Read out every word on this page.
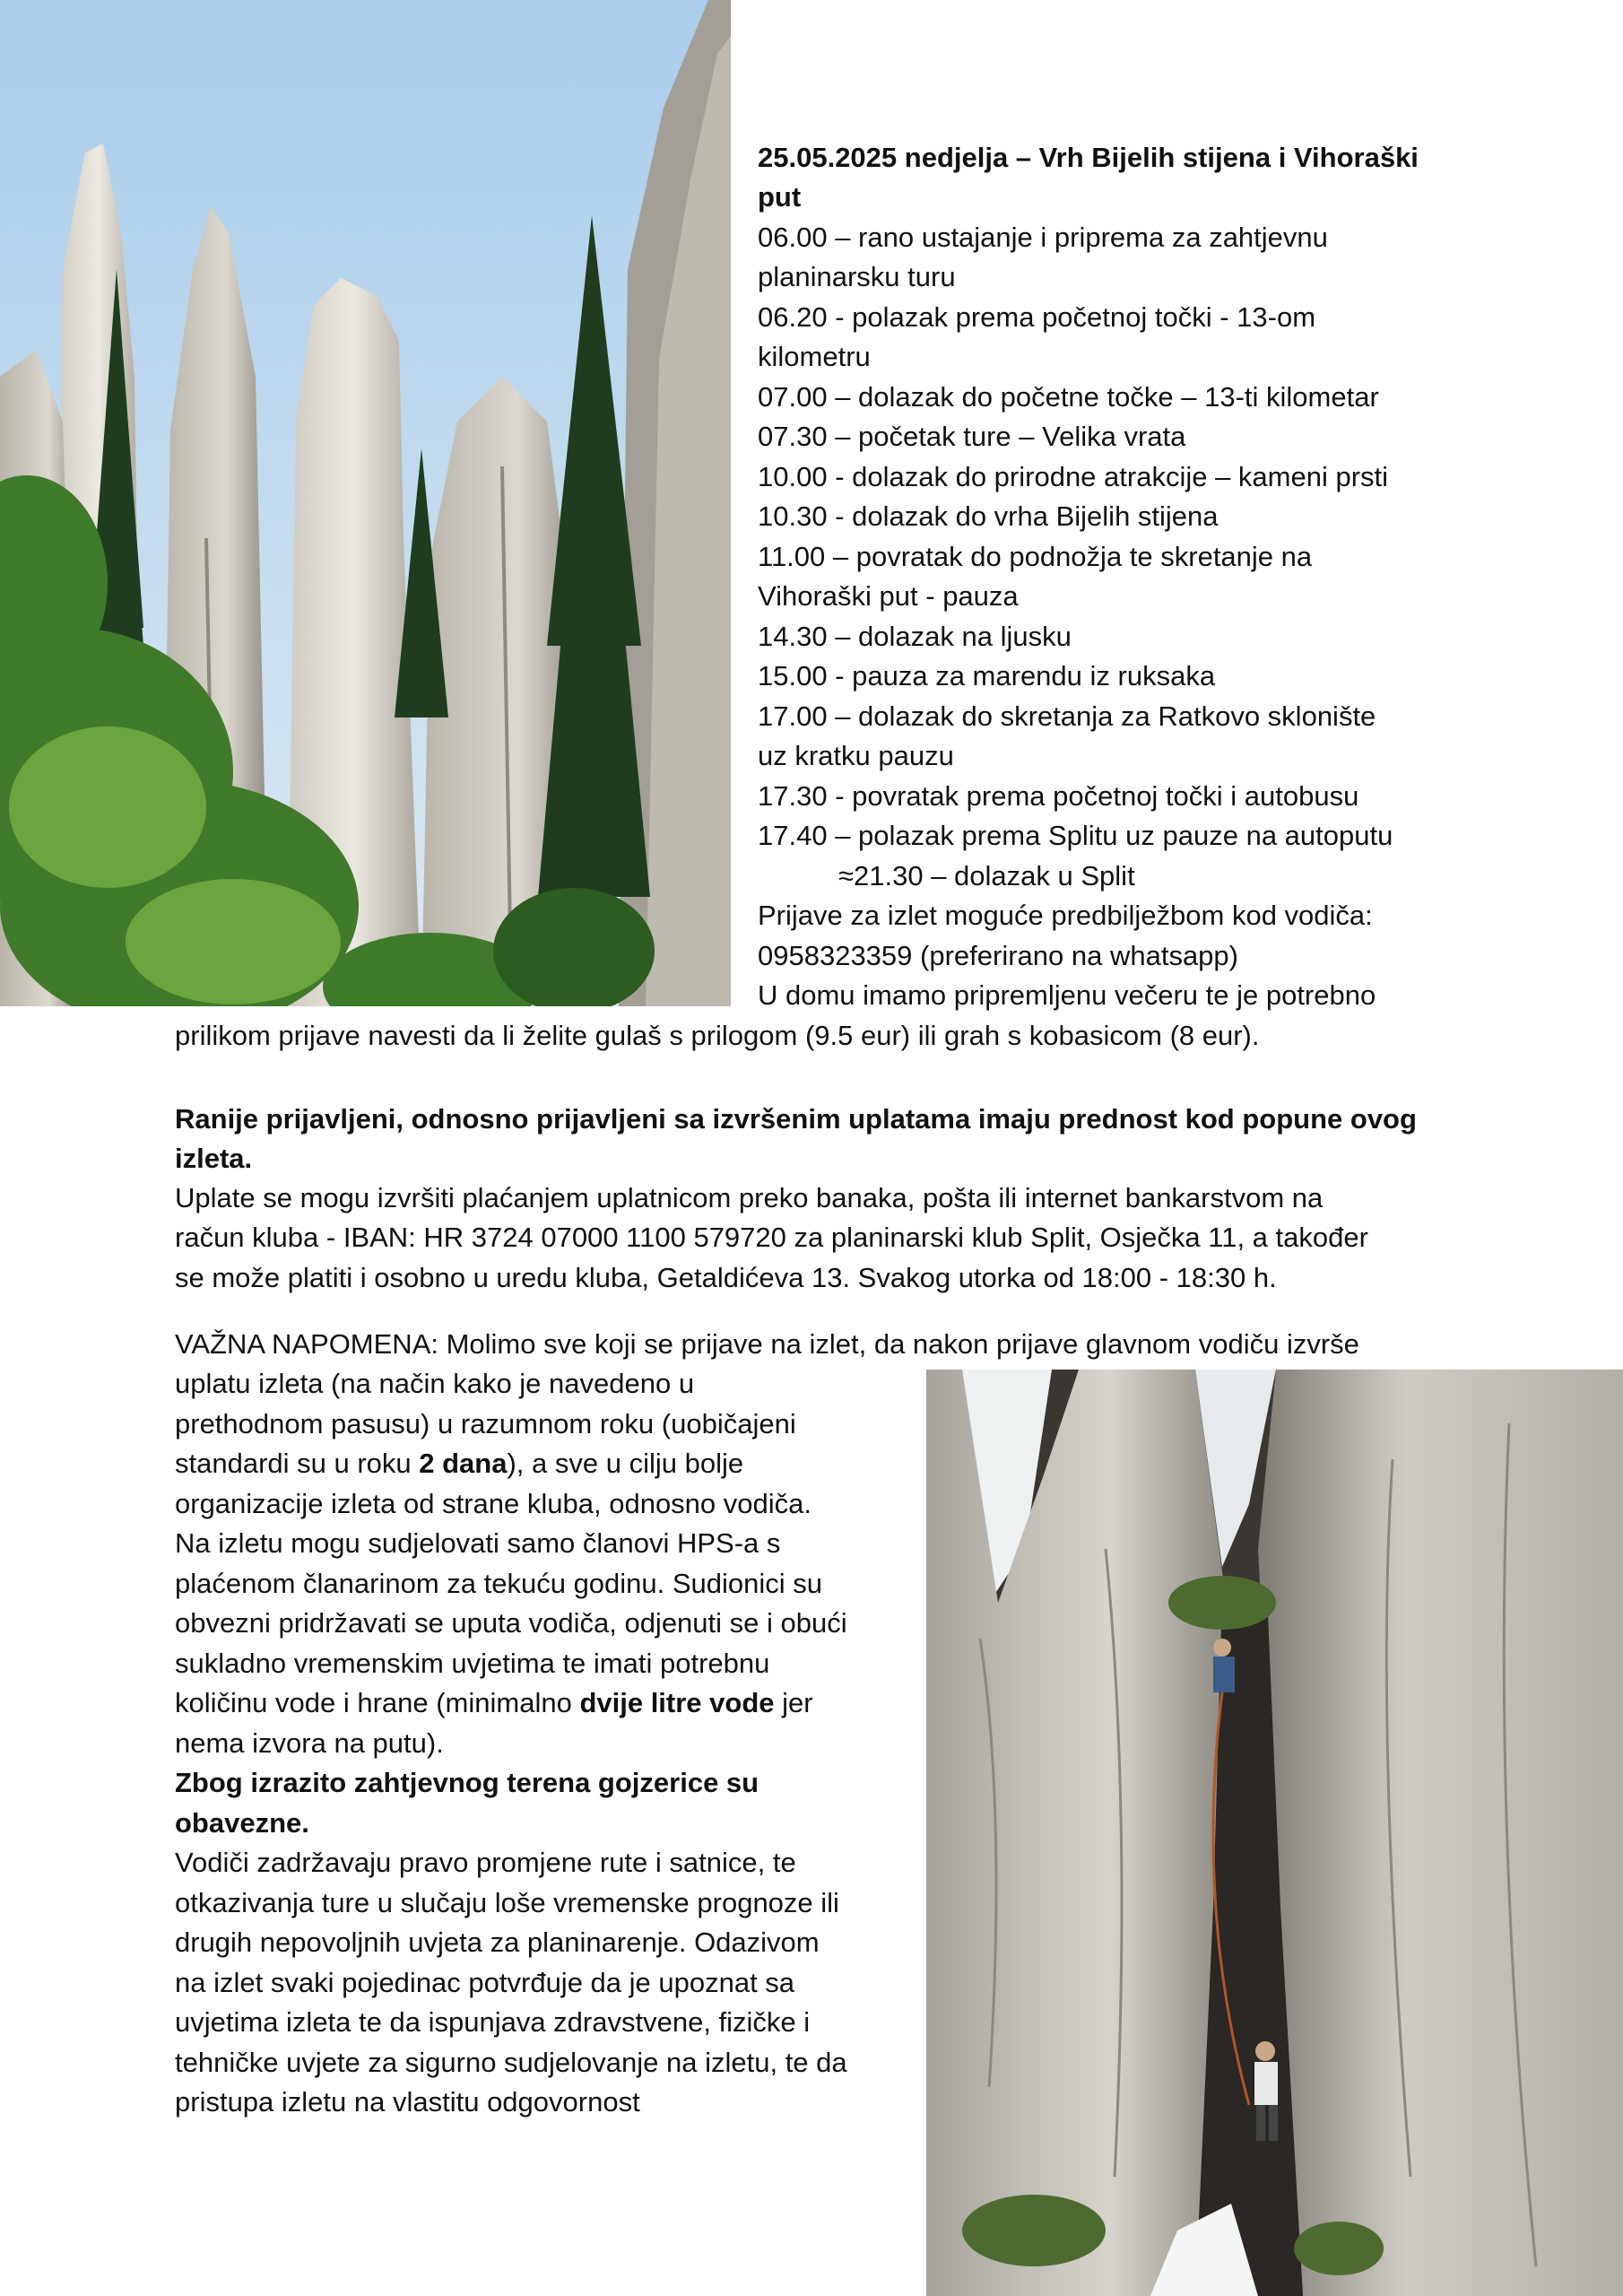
25.05.2025 nedjelja – Vrh Bijelih stijena i Vihoraški
put
06.00 – rano ustajanje i priprema za zahtjevnu
planinarsku turu
06.20 - polazak prema početnoj točki - 13-om
kilometru
07.00 – dolazak do početne točke – 13-ti kilometar
07.30 – početak ture – Velika vrata
10.00 - dolazak do prirodne atrakcije – kameni prsti
10.30 - dolazak do vrha Bijelih stijena
11.00 – povratak do podnožja te skretanje na
Vihoraški put - pauza
14.30 – dolazak na ljusku
15.00 - pauza za marendu iz ruksaka
17.00 – dolazak do skretanja za Ratkovo sklonište
uz kratku pauzu
17.30 - povratak prema početnoj točki i autobusu
17.40 – polazak prema Splitu uz pauze na autoputu
≈21.30 – dolazak u Split
Prijave za izlet moguće predbilježbom kod vodiča:
0958323359 (preferirano na whatsapp)
U domu imamo pripremljenu večeru te je potrebno
prilikom prijave navesti da li želite gulaš s prilogom (9.5 eur) ili grah s kobasicom (8 eur).
Ranije prijavljeni, odnosno prijavljeni sa izvršenim uplatama imaju prednost kod popune ovog
izleta.
Uplate se mogu izvršiti plaćanjem uplatnicom preko banaka, pošta ili internet bankarstvom na
račun kluba - IBAN: HR 3724 07000 1100 579720 za planinarski klub Split, Osječka 11, a također
se može platiti i osobno u uredu kluba, Getaldićeva 13. Svakog utorka od 18:00 - 18:30 h.
VAŽNA NAPOMENA: Molimo sve koji se prijave na izlet, da nakon prijave glavnom vodiču izvrše
uplatu izleta (na način kako je navedeno u
prethodnom pasusu) u razumnom roku (uobičajeni
standardi su u roku 2 dana), a sve u cilju bolje
organizacije izleta od strane kluba, odnosno vodiča.
Na izletu mogu sudjelovati samo članovi HPS-a s
plaćenom članarinom za tekuću godinu. Sudionici su
obvezni pridržavati se uputa vodiča, odjenuti se i obući
sukladno vremenskim uvjetima te imati potrebnu
količinu vode i hrane (minimalno dvije litre vode jer
nema izvora na putu).
Zbog izrazito zahtjevnog terena gojzerice su
obavezne.
Vodiči zadržavaju pravo promjene rute i satnice, te
otkazivanja ture u slučaju loše vremenske prognoze ili
drugih nepovoljnih uvjeta za planinarenje. Odazivom
na izlet svaki pojedinac potvrđuje da je upoznat sa
uvjetima izleta te da ispunjava zdravstvene, fizičke i
tehničke uvjete za sigurno sudjelovanje na izletu, te da
pristupa izletu na vlastitu odgovornost
